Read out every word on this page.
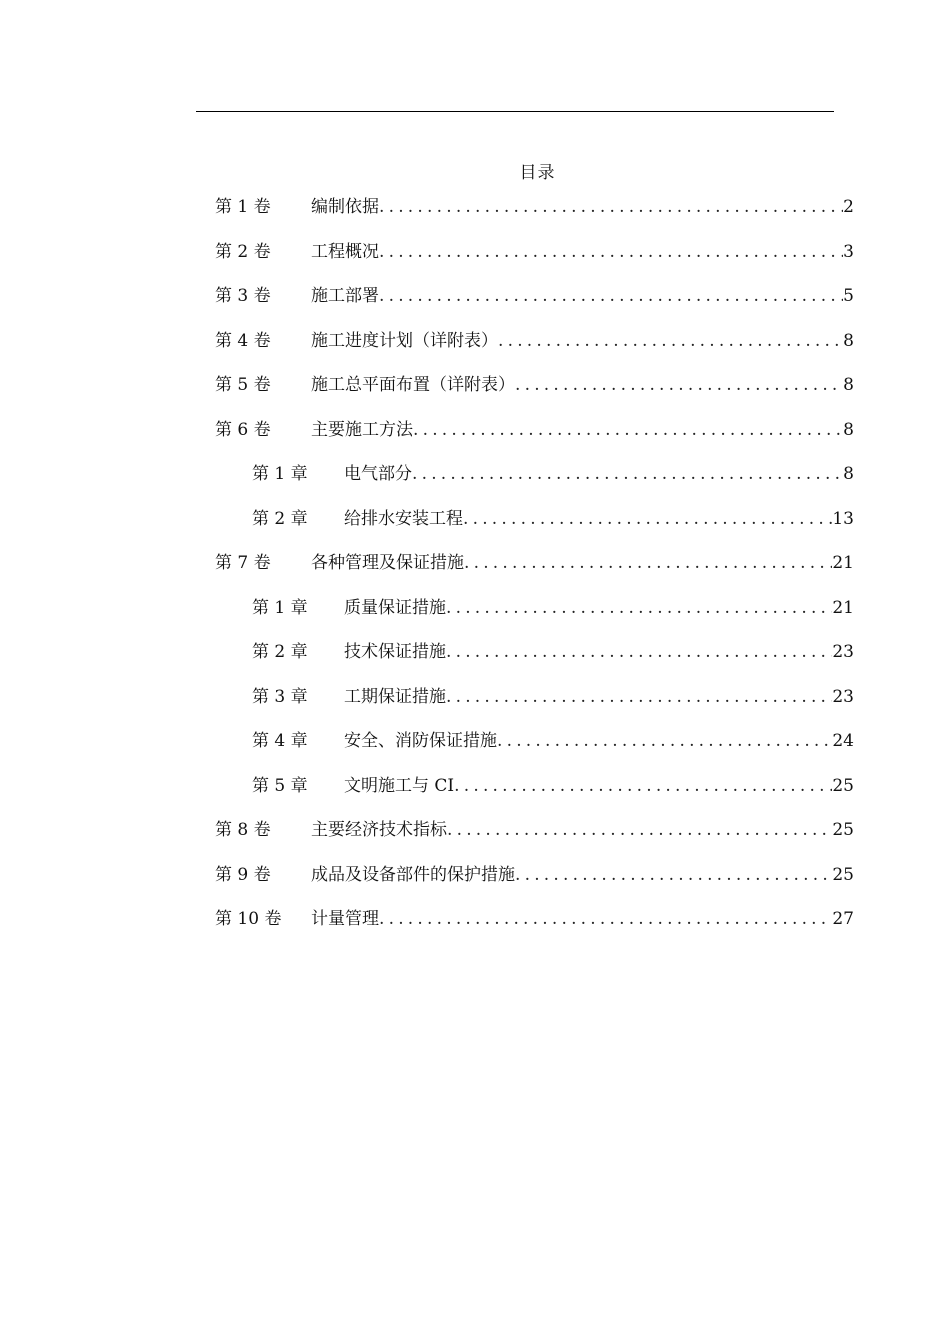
目录
第 1 卷	编制依据 .....	2
第 2 卷	工程概况 .....	3
第 3 卷	施工部署 .....	5
第 4 卷	施工进度计划（详附表） .....	8
第 5 卷	施工总平面布置（详附表） .....	8
第 6 卷	主要施工方法 .....	8
第 1 章	电气部分 .....	8
第 2 章	给排水安装工程 .....	13
第 7 卷	各种管理及保证措施 .....	21
第 1 章	质量保证措施 .....	21
第 2 章	技术保证措施 .....	23
第 3 章	工期保证措施 .....	23
第 4 章	安全、消防保证措施 .....	24
第 5 章	文明施工与 CI .....	25
第 8 卷	主要经济技术指标 .....	25
第 9 卷	成品及设备部件的保护措施 .....	25
第 10 卷	计量管理 .....	27
